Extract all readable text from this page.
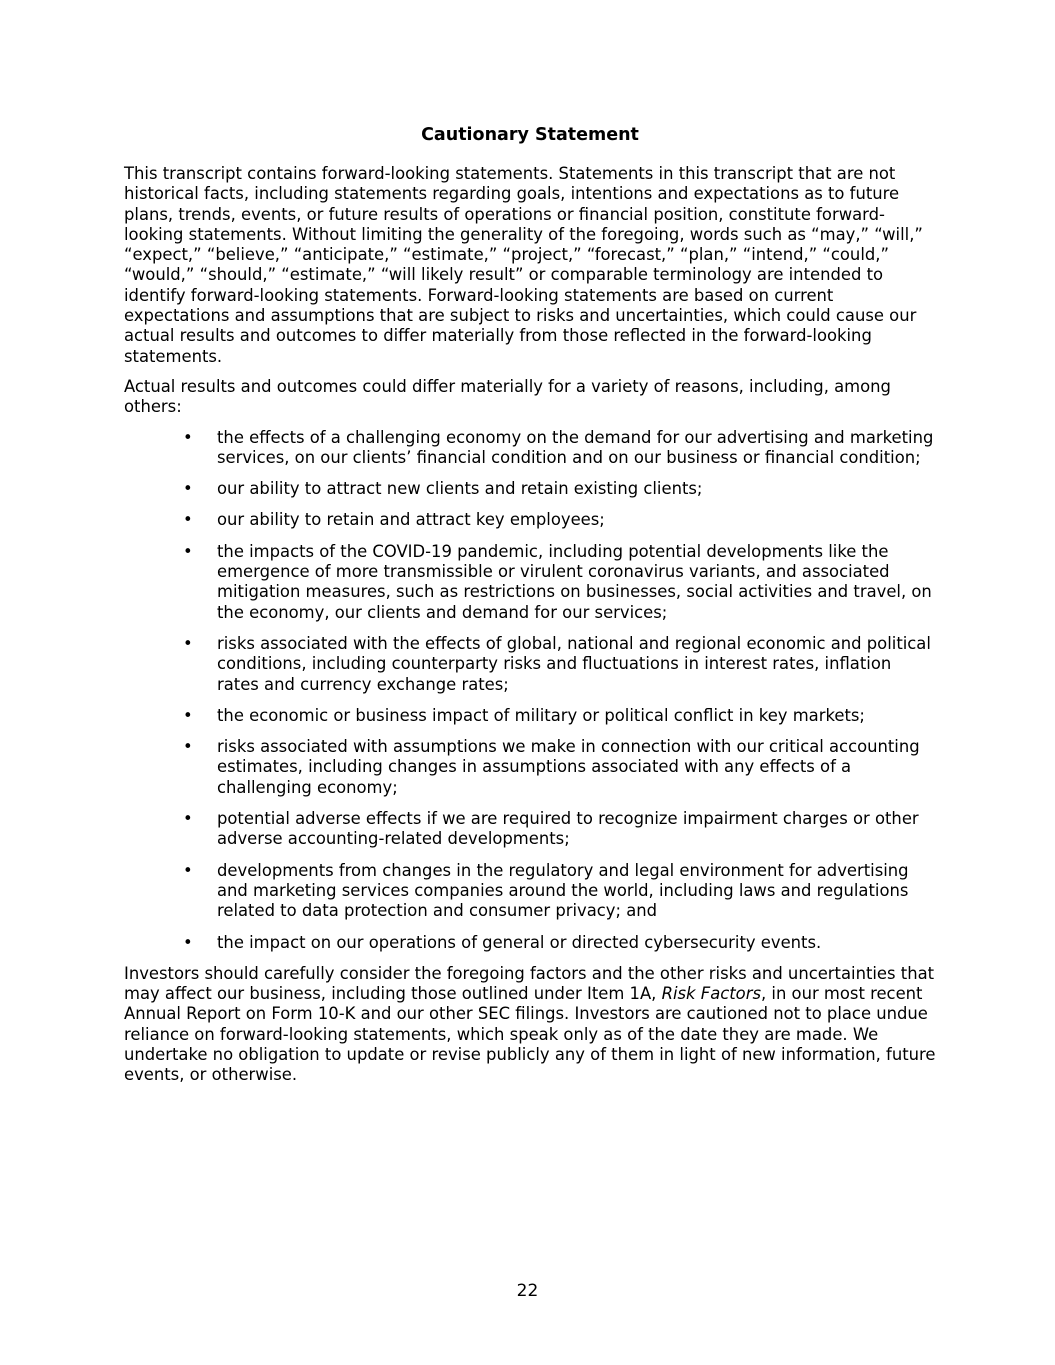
Cautionary Statement

This transcript contains forward-looking statements. Statements in this transcript that are not historical facts, including statements regarding goals, intentions and expectations as to future plans, trends, events, or future results of operations or financial position, constitute forward-looking statements. Without limiting the generality of the foregoing, words such as “may,” “will,” “expect,” “believe,” “anticipate,” “estimate,” “project,” “forecast,” “plan,” “intend,” “could,” “would,” “should,” “estimate,” “will likely result” or comparable terminology are intended to identify forward-looking statements. Forward-looking statements are based on current expectations and assumptions that are subject to risks and uncertainties, which could cause our actual results and outcomes to differ materially from those reflected in the forward-looking statements.

Actual results and outcomes could differ materially for a variety of reasons, including, among others:

• the effects of a challenging economy on the demand for our advertising and marketing services, on our clients’ financial condition and on our business or financial condition;
• our ability to attract new clients and retain existing clients;
• our ability to retain and attract key employees;
• the impacts of the COVID-19 pandemic, including potential developments like the emergence of more transmissible or virulent coronavirus variants, and associated mitigation measures, such as restrictions on businesses, social activities and travel, on the economy, our clients and demand for our services;
• risks associated with the effects of global, national and regional economic and political conditions, including counterparty risks and fluctuations in interest rates, inflation rates and currency exchange rates;
• the economic or business impact of military or political conflict in key markets;
• risks associated with assumptions we make in connection with our critical accounting estimates, including changes in assumptions associated with any effects of a challenging economy;
• potential adverse effects if we are required to recognize impairment charges or other adverse accounting-related developments;
• developments from changes in the regulatory and legal environment for advertising and marketing services companies around the world, including laws and regulations related to data protection and consumer privacy; and
• the impact on our operations of general or directed cybersecurity events.

Investors should carefully consider the foregoing factors and the other risks and uncertainties that may affect our business, including those outlined under Item 1A, Risk Factors, in our most recent Annual Report on Form 10-K and our other SEC filings. Investors are cautioned not to place undue reliance on forward-looking statements, which speak only as of the date they are made. We undertake no obligation to update or revise publicly any of them in light of new information, future events, or otherwise.

22
